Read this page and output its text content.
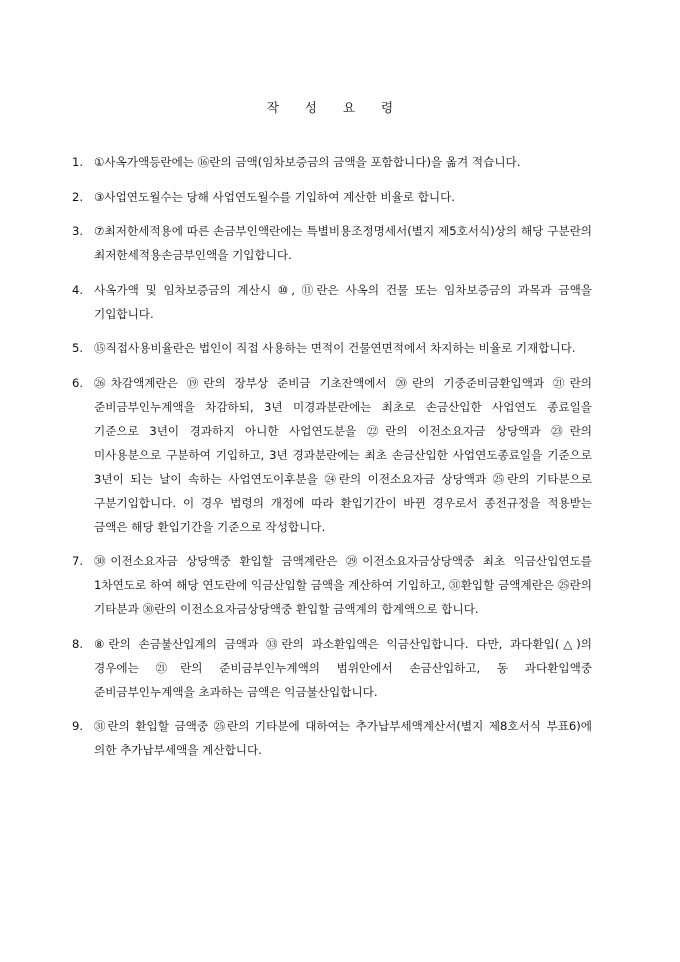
작 성 요 령
1. ①사옥가액등란에는 ⑯란의 금액(임차보증금의 금액을 포함합니다)을 옮겨 적습니다.
2. ③사업연도월수는 당해 사업연도월수를 기입하여 계산한 비율로 합니다.
3. ⑦최저한세적용에 따른 손금부인액란에는 특별비용조정명세서(별지 제5호서식)상의 해당 구분란의 최저한세적용손금부인액을 기입합니다.
4. 사옥가액 및 임차보증금의 계산시 ⑩, ⑪란은 사옥의 건물 또는 임차보증금의 과목과 금액을 기입합니다.
5. ⑮직접사용비율란은 법인이 직접 사용하는 면적이 건물연면적에서 차지하는 비율로 기재합니다.
6. ㉖차감액계란은 ⑲란의 장부상 준비금 기초잔액에서 ⑳란의 기중준비금환입액과 ㉑란의 준비금부인누계액을 차감하되, 3년 미경과분란에는 최초로 손금산입한 사업연도 종료일을 기준으로 3년이 경과하지 아니한 사업연도분을 ㉒란의 이전소요자금 상당액과 ㉓란의 미사용분으로 구분하여 기입하고, 3년 경과분란에는 최초 손금산입한 사업연도종료일을 기준으로 3년이 되는 날이 속하는 사업연도이후분을 ㉔란의 이전소요자금 상당액과 ㉕란의 기타분으로 구분기입합니다. 이 경우 법령의 개정에 따라 환입기간이 바뀐 경우로서 종전규정을 적용받는 금액은 해당 환입기간을 기준으로 작성합니다.
7. ㉚이전소요자금 상당액중 환입할 금액계란은 ㉙이전소요자금상당액중 최초 익금산입연도를 1차연도로 하여 해당 연도란에 익금산입할 금액을 계산하여 기입하고, ㉛환입할 금액계란은 ㉕란의 기타분과 ㉚란의 이전소요자금상당액중 환입할 금액계의 합계액으로 합니다.
8. ⑧란의 손금불산입계의 금액과 ㉝란의 과소환입액은 익금산입합니다. 다만, 과다환입(△)의 경우에는 ㉑란의 준비금부인누계액의 범위안에서 손금산입하고, 동 과다환입액중 준비금부인누계액을 초과하는 금액은 익금불산입합니다.
9. ㉛란의 환입할 금액중 ㉕란의 기타분에 대하여는 추가납부세액계산서(별지 제8호서식 부표6)에 의한 추가납부세액을 계산합니다.
